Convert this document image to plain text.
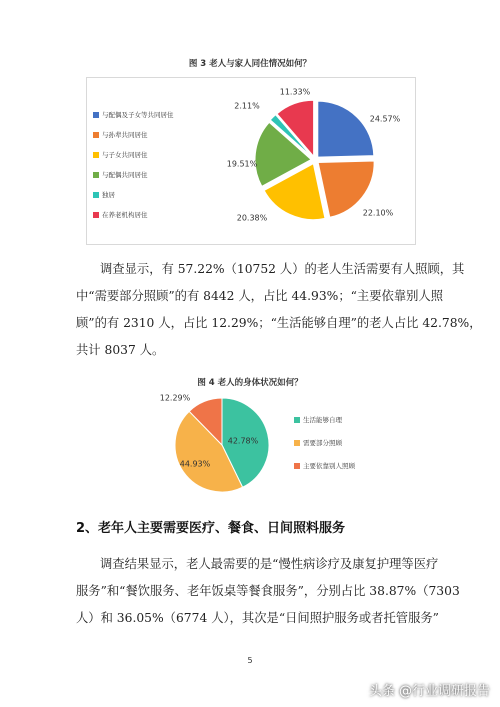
图 3 老人与家人同住情况如何？
与配偶及子女等共同居住
与孙辈共同居住
与子女共同居住
与配偶共同居住
独居
在养老机构居住
24.57%
22.10%
20.38%
19.51%
2.11%
11.33%
调查显示，有 57.22%（10752 人）的老人生活需要有人照顾，其
中“需要部分照顾”的有 8442 人，占比 44.93%；“主要依靠别人照
顾”的有 2310 人，占比 12.29%；“生活能够自理”的老人占比 42.78%，
共计 8037 人。
图 4 老人的身体状况如何？
42.78%
44.93%
12.29%
生活能够自理
需要部分照顾
主要依靠别人照顾
2、老年人主要需要医疗、餐食、日间照料服务
调查结果显示，老人最需要的是“慢性病诊疗及康复护理等医疗
服务”和“餐饮服务、老年饭桌等餐食服务”，分别占比 38.87%（7303
人）和 36.05%（6774 人），其次是“日间照护服务或者托管服务”
5
头条 @行业调研报告
